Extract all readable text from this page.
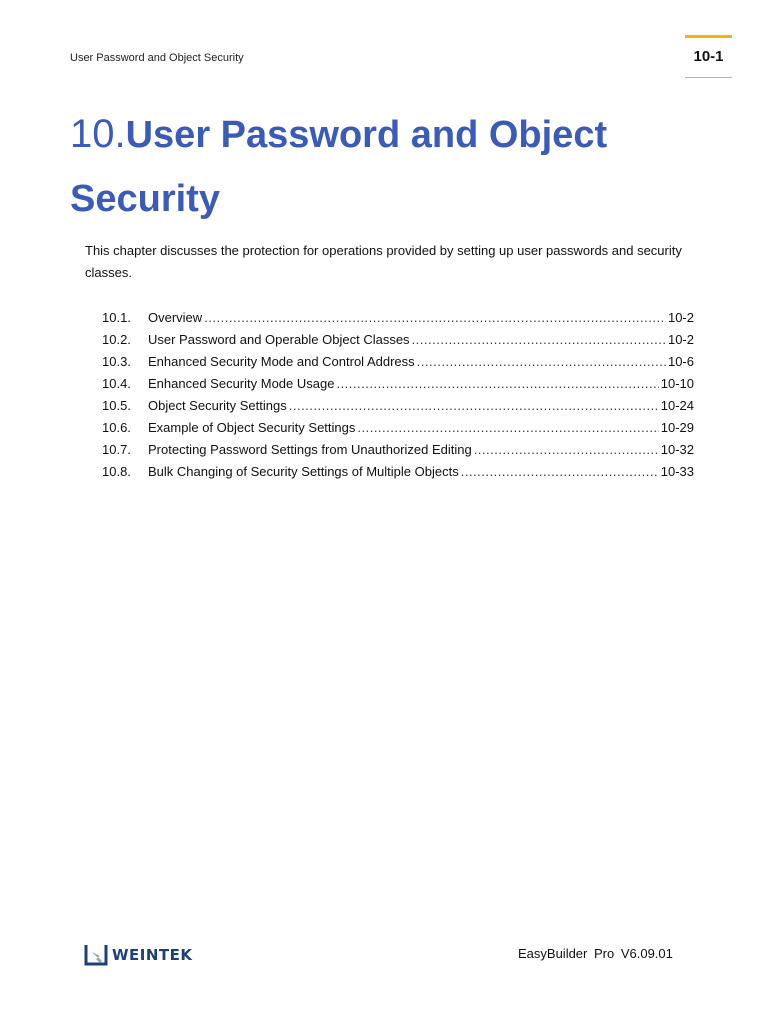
User Password and Object Security	10-1
10.User Password and Object Security

This chapter discusses the protection for operations provided by setting up user passwords and security classes.

10.1.	Overview .....	10-2
10.2.	User Password and Operable Object Classes .....	10-2
10.3.	Enhanced Security Mode and Control Address .....	10-6
10.4.	Enhanced Security Mode Usage .....	10-10
10.5.	Object Security Settings .....	10-24
10.6.	Example of Object Security Settings .....	10-29
10.7.	Protecting Password Settings from Unauthorized Editing .....	10-32
10.8.	Bulk Changing of Security Settings of Multiple Objects .....	10-33
WEINTEK	EasyBuilder Pro V6.09.01
